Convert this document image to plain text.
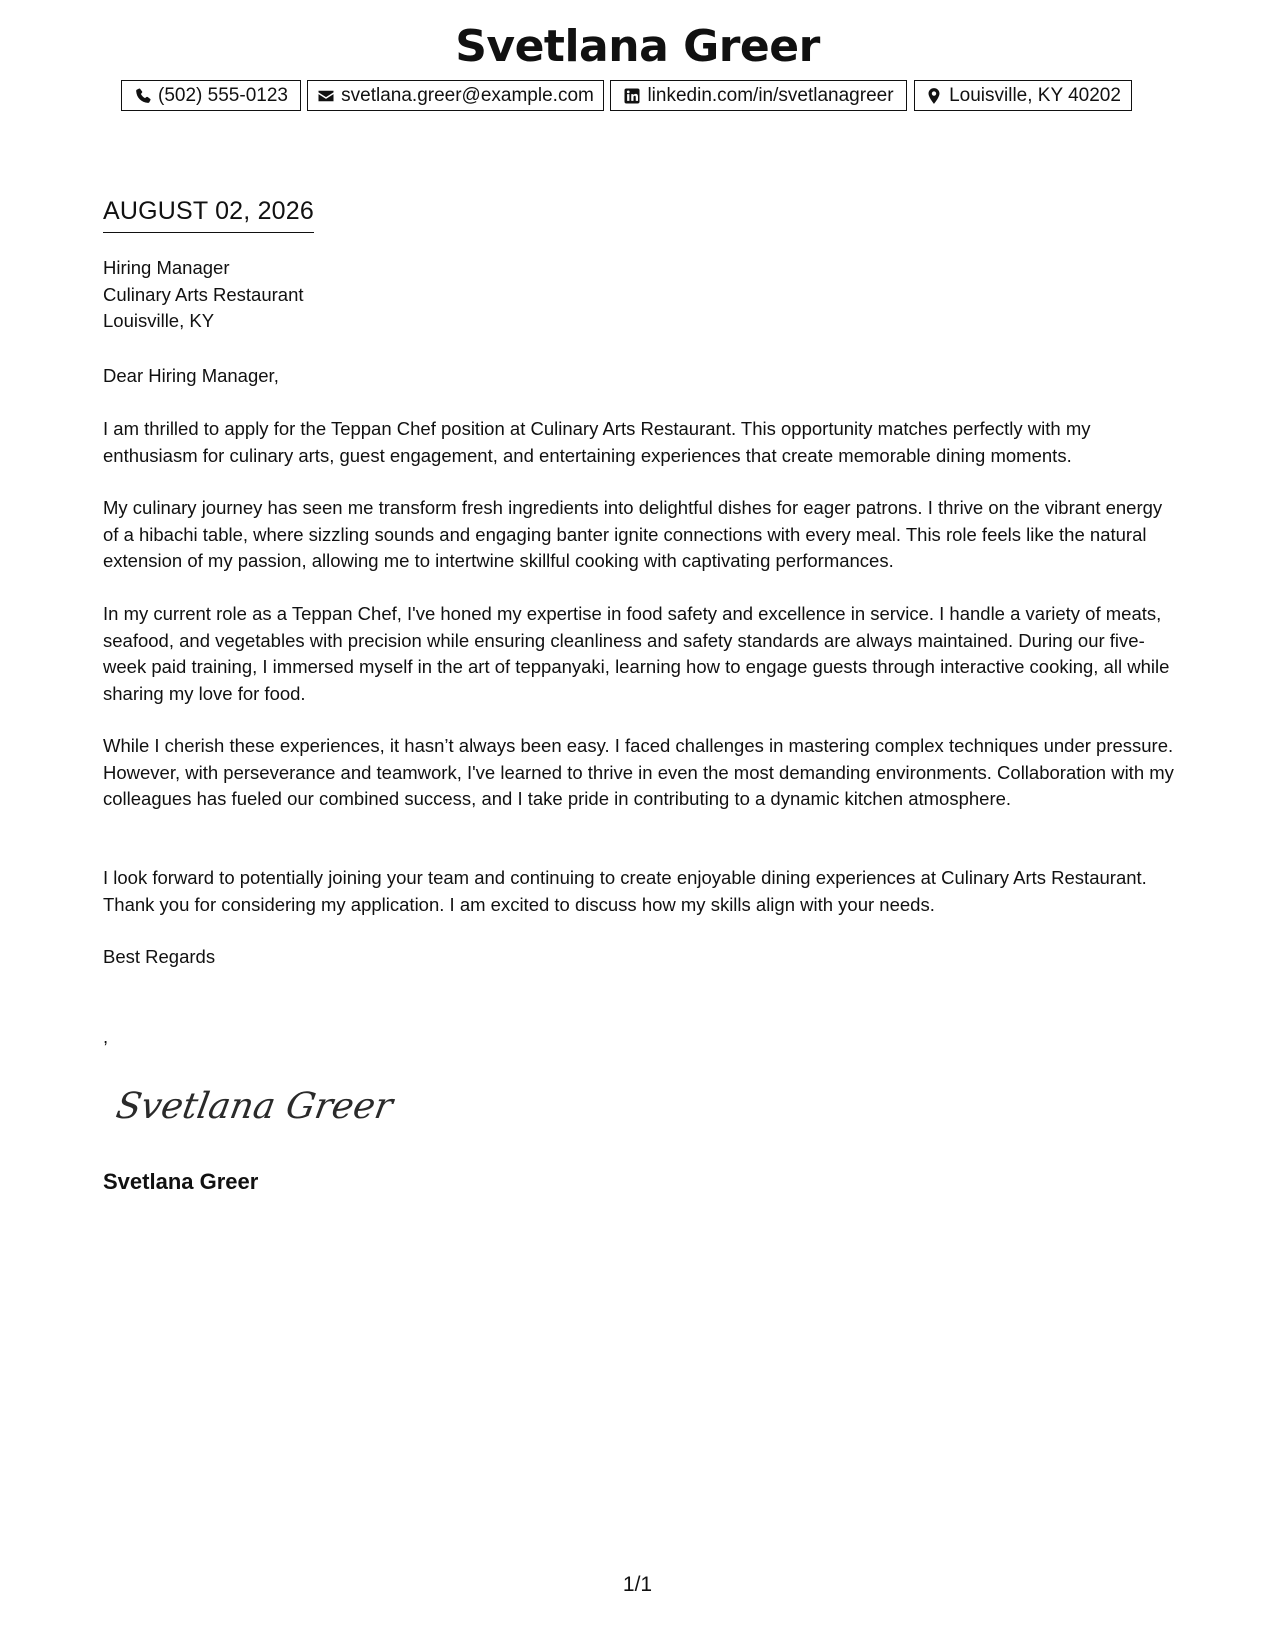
Svetlana Greer
(502) 555-0123	svetlana.greer@example.com	linkedin.com/in/svetlanagreer	Louisville, KY 40202
AUGUST 02, 2026
Hiring Manager
Culinary Arts Restaurant
Louisville, KY
Dear Hiring Manager,
I am thrilled to apply for the Teppan Chef position at Culinary Arts Restaurant. This opportunity matches perfectly with my enthusiasm for culinary arts, guest engagement, and entertaining experiences that create memorable dining moments.
My culinary journey has seen me transform fresh ingredients into delightful dishes for eager patrons. I thrive on the vibrant energy of a hibachi table, where sizzling sounds and engaging banter ignite connections with every meal. This role feels like the natural extension of my passion, allowing me to intertwine skillful cooking with captivating performances.
In my current role as a Teppan Chef, I've honed my expertise in food safety and excellence in service. I handle a variety of meats, seafood, and vegetables with precision while ensuring cleanliness and safety standards are always maintained. During our five-week paid training, I immersed myself in the art of teppanyaki, learning how to engage guests through interactive cooking, all while sharing my love for food.
While I cherish these experiences, it hasn’t always been easy. I faced challenges in mastering complex techniques under pressure. However, with perseverance and teamwork, I've learned to thrive in even the most demanding environments. Collaboration with my colleagues has fueled our combined success, and I take pride in contributing to a dynamic kitchen atmosphere.
I look forward to potentially joining your team and continuing to create enjoyable dining experiences at Culinary Arts Restaurant. Thank you for considering my application. I am excited to discuss how my skills align with your needs.
Best Regards
,
Svetlana Greer
Svetlana Greer
1/1
